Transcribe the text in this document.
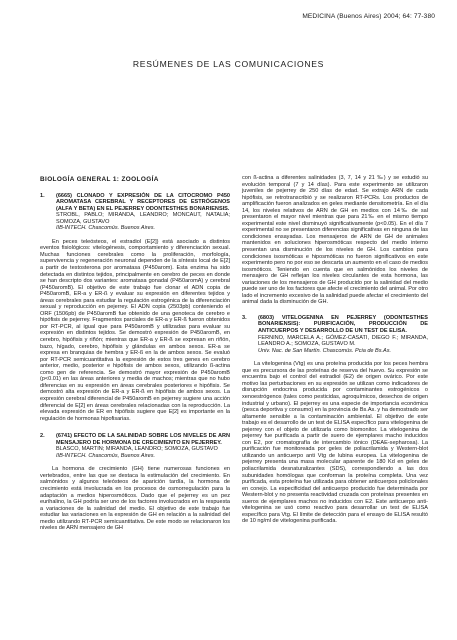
MEDICINA (Buenos Aires) 2004; 64: 77-380
RESÚMENES DE LAS COMUNICACIONES
BIOLOGÍA GENERAL 1: ZOOLOGÍA
1.	(6665) CLONADO Y EXPRESIÓN DE LA CITOCROMO P450 AROMATASA CEREBRAL Y RECEPTORES DE ESTRÓGENOS (ALFA Y BETA) EN EL PEJERREY ODONTESTHES BONARIENSIS.
STROBL, PABLO; MIRANDA, LEANDRO; MONCAUT, NATALIA; SOMOZA, GUSTAVO
IIB-INTECH. Chascomús. Buenos Aires.

En peces teleósteos, el estradiol (E[2]) está asociado a distintos eventos fisiológicos: vitelogénesis, comportamiento y diferenciación sexual. Muchas funciones cerebrales como la proliferación, morfología, supervivencia y regeneración neuronal dependen de la síntesis local de E[2] a partir de testosterona por aromatasa (P450arom). Esta enzima ha sido detectada en distintos tejidos, principalmente en cerebro de peces en donde se han descripto dos variantes: aromatasa gonadal (P450aromA) y cerebral (P450aromB). El objetivo de este trabajo fue clonar el ADN copia de P450aromB, ER-a y ER-ß y evaluar su expresión en diferentes tejidos y áreas cerebrales para estudiar la regulación estrogénica de la diferenciación sexual y reproducción en pejerrey. El ADN copia (2503pb) conteniendo el ORF (1506pb) de P450aromB fue obtenido de una genoteca de cerebro e hipófisis de pejerrey. Fragmentos parciales de ER-a y ER-ß fueron obtenidos por RT-PCR, al igual que para P450aromB y utilizadas para evaluar su expresión en distintos tejidos. Se demostró expresión de P450aromB, en cerebro, hipófisis y riñón; mientras que ER-a y ER-ß se expresan en riñón, bazo, hígado, cerebro, hipófisis y glándulas en ambos sexos. ER-a se expresa en branquias de hembra y ER-ß en la de ambos sexos. Se evaluó por RT-PCR semicuantitativa la expresión de estos tres genes en cerebro anterior, medio, posterior e hipófisis de ambos sexos, utilizando ß-actina como gen de referencia. Se demostró mayor expresión de P450aromB (p<0.01) en las áreas anteriores y media de machos; mientras que no hubo diferencias en su expresión en áreas cerebrales posteriores e hipófisis. Se demostró alta expresión de ER-a y ER-ß en hipófisis de ambos sexos. La expresión cerebral diferencial de P450aromB en pejerrey sugiere una acción diferencial de E[2] en áreas cerebrales relacionadas con la reproducción. La elevada expresión de ER en hipófisis sugiere que E[2] es importante en la regulación de hormonas hipofisarias.

2.	(6741) EFECTO DE LA SALINIDAD SOBRE LOS NIVELES DE ARN MENSAJERO DE HORMONA DE CRECIMIENTO EN PEJERREY.
BLASCO, MARTIN; MIRANDA, LEANDRO; SOMOZA, GUSTAVO
IIB-INTECH. Chascomús, Buenos Aires.

La hormona de crecimiento (GH) tiene numerosas funciones en vertebrados, entre las que se destaca la estimulación del crecimiento. En salmónidos y algunos teleósteos de aparición tardía, la hormona de crecimiento está involucrada en los procesos de osmorregulación para la adaptación a medios hiperosmóticos. Dado que el pejerrey es un pez eurihalino, la GH podría ser uno de los factores involucrados en la respuesta a variaciones de la salinidad del medio. El objetivo de este trabajo fue estudiar las variaciones en la expresión de GH en relación a la salinidad del medio utilizando RT-PCR semicuantitativa. De este modo se relacionaron los niveles de ARN mensajero de GH

con ß-actina a diferentes salinidades (3, 7, 14 y 21 ‰) y se estudió su evolución temporal (7 y 14 días). Para este experimento se utilizaron juveniles de pejerrey de 250 días de edad. Se extrajo ARN de cada hipófisis, se retrotranscribió y se realizaron RT-PCRs. Los productos de amplificación fueron analizados en geles mediante densitometría. En el día 14, los niveles relativos de ARN de GH en medios con 14‰ de sal presentaron el mayor nivel mientras que para 21‰ en el mismo tiempo experimental este nivel disminuyó significativamente (p<0.05). En el día 7 experimental no se presentaron diferencias significativas en ninguna de las condiciones ensayadas. Los mensajeros de ARN de GH de animales mantenidos en soluciones hiperosmóticas respecto del medio interno presentan una disminución de los niveles de GH. Los cambios para condiciones isosmóticas e hiposmóticas no fueron significativos en este experimento pero no por eso se descarta un aumento en el caso de medios isosmóticos. Teniendo en cuenta que en salmónidos los niveles de mensajero de GH reflejan los niveles circulantes de esta hormona, las variaciones de los mensajeros de GH producido por la salinidad del medio puede ser uno de los factores que afecte el crecimiento del animal. Por otro lado el incremento excesivo de la salinidad puede afectar el crecimiento del animal dada la disminución de GH.

3.	(6803) VITELOGENINA EN PEJERREY (ODONTESTHES BONARIENSIS): PURIFICACIÓN, PRODUCCIÓN DE ANTICUERPOS Y DESARROLLO DE UN TEST DE ELISA.
FERNINO, MARCELA A.; GÓMEZ-CASATI, DIEGO F.; MIRANDA, LEANDRO A.; SOMOZA, GUSTAVO M.
Univ. Nac. de San Martín. Chascomús. Pcia de Bs.As.

La vitelogenina (Vtg) es una proteína producida por los peces hembra que es precursora de las proteínas de reserva del huevo. Su expresión se encuentra bajo el control del estradiol (E2) de origen ovárico. Por este motivo las perturbaciones en su expresión se utilizan como indicadores de disrupción endocrina producida por contaminantes estrogénicos o xenoestrógenos (tales como pesticidas, agroquímicos, desechos de origen industrial y urbano). El pejerrey es una especie de importancia económica (pesca deportiva y consumo) en la provincia de Bs.As. y ha demostrado ser altamente sensible a la contaminación ambiental. El objetivo de este trabajo es el desarrollo de un test de ELISA específico para vitelogenina de pejerrey con el objeto de utilizarla como biomonitor. La vitelogenina de pejerrey fue purificada a partir de suero de ejemplares macho inducidos con E2, por cromatografía de intercambio iónico (DEAE-sepharosa). La purificación fue monitoreada por geles de poliacrilamida y Western-blot utilizando un anticuerpo anti Vtg de lubina europea. La vitelogenina de pejerrey presenta una masa molecular aparente de 180 Kd en geles de poliacrilamida desnaturalizantes (SDS), correspondiendo a las dos subunidades homólogas que conforman la proteína completa. Una vez purificada, esta proteína fue utilizada para obtener anticuerpos policlonales en conejo. La especificidad del anticuerpo producido fue determinada por Western-blot y no presenta reactividad cruzada con proteínas presentes en sueros de ejemplares machos no inducidos con E2. Este anticuerpo anti-vitelogenina se usó como reactivo para desarrollar un test de ELISA específico para Vtg. El límite de detección para el ensayo de ELISA resultó de 10 ng/ml de vitelogenina purificada.
